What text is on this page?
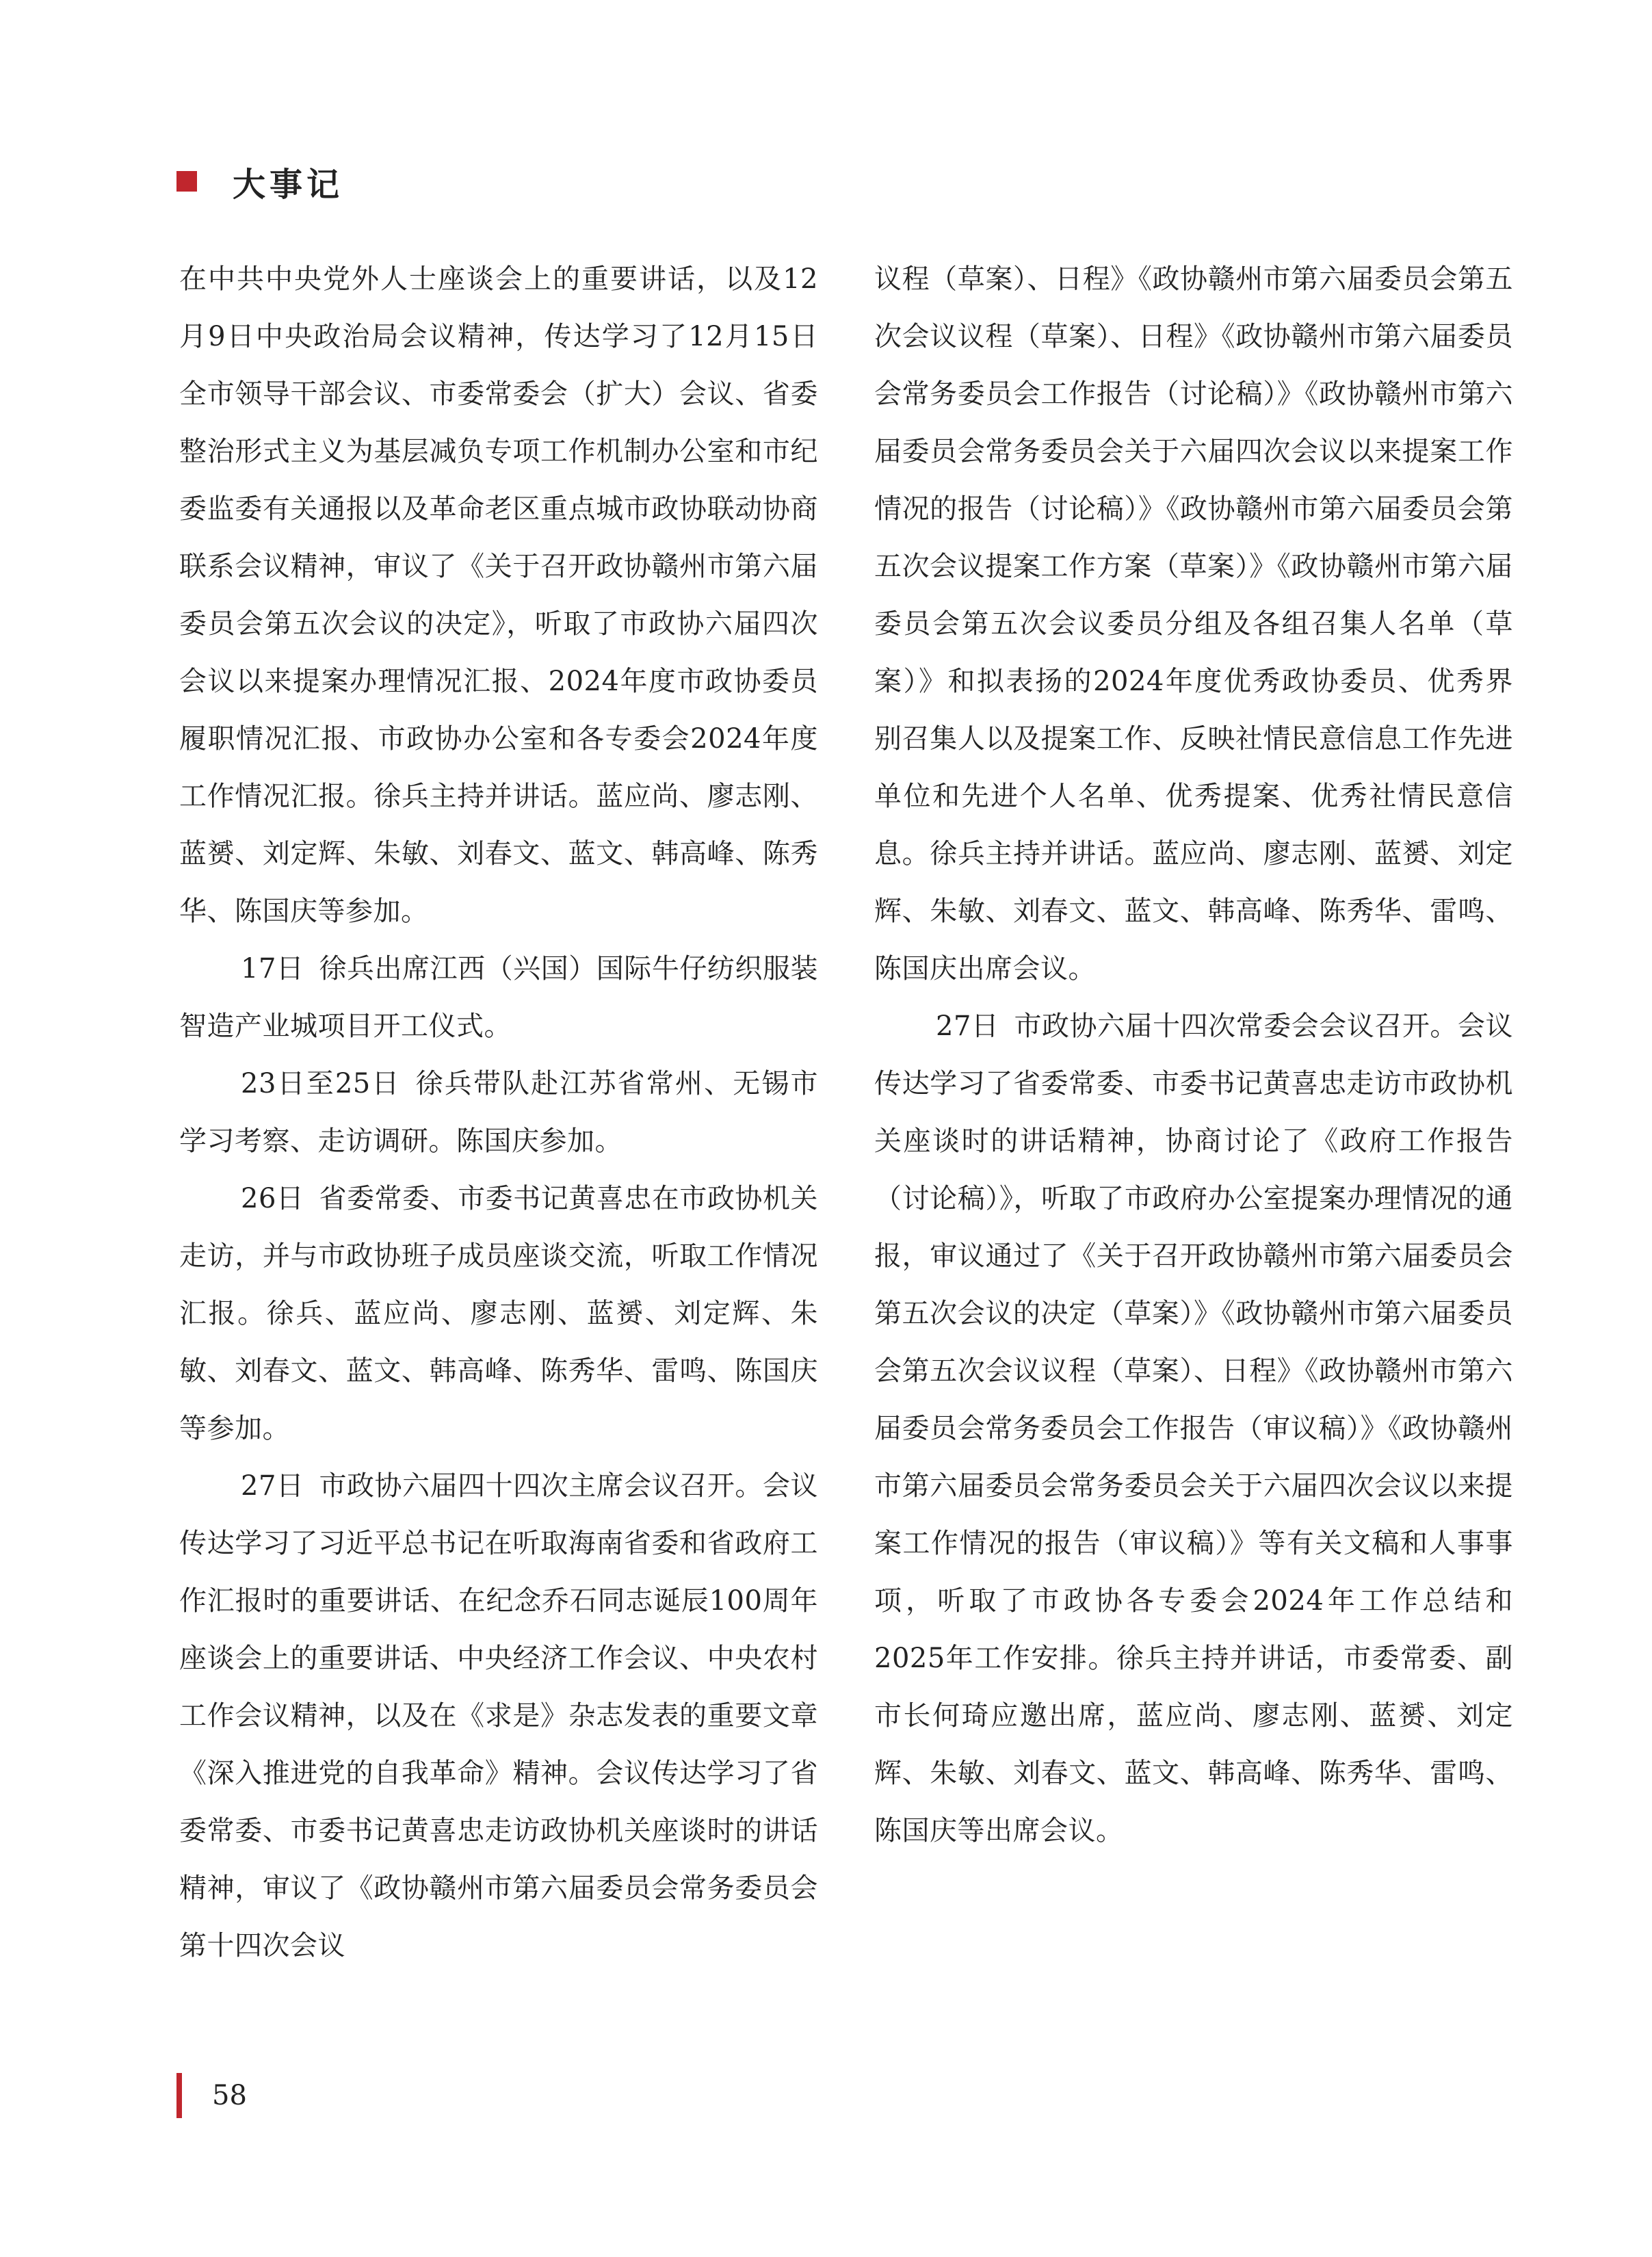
大事记

在中共中央党外人士座谈会上的重要讲话，以及12月9日中央政治局会议精神，传达学习了12月15日全市领导干部会议、市委常委会（扩大）会议、省委整治形式主义为基层减负专项工作机制办公室和市纪委监委有关通报以及革命老区重点城市政协联动协商联系会议精神，审议了《关于召开政协赣州市第六届委员会第五次会议的决定》，听取了市政协六届四次会议以来提案办理情况汇报、2024年度市政协委员履职情况汇报、市政协办公室和各专委会2024年度工作情况汇报。徐兵主持并讲话。蓝应尚、廖志刚、蓝赟、刘定辉、朱敏、刘春文、蓝文、韩高峰、陈秀华、陈国庆等参加。

17日 徐兵出席江西（兴国）国际牛仔纺织服装智造产业城项目开工仪式。

23日至25日 徐兵带队赴江苏省常州、无锡市学习考察、走访调研。陈国庆参加。

26日 省委常委、市委书记黄喜忠在市政协机关走访，并与市政协班子成员座谈交流，听取工作情况汇报。徐兵、蓝应尚、廖志刚、蓝赟、刘定辉、朱敏、刘春文、蓝文、韩高峰、陈秀华、雷鸣、陈国庆等参加。

27日 市政协六届四十四次主席会议召开。会议传达学习了习近平总书记在听取海南省委和省政府工作汇报时的重要讲话、在纪念乔石同志诞辰100周年座谈会上的重要讲话、中央经济工作会议、中央农村工作会议精神，以及在《求是》杂志发表的重要文章《深入推进党的自我革命》精神。会议传达学习了省委常委、市委书记黄喜忠走访政协机关座谈时的讲话精神，审议了《政协赣州市第六届委员会常务委员会第十四次会议

议程（草案）、日程》《政协赣州市第六届委员会第五次会议议程（草案）、日程》《政协赣州市第六届委员会常务委员会工作报告（讨论稿）》《政协赣州市第六届委员会常务委员会关于六届四次会议以来提案工作情况的报告（讨论稿）》《政协赣州市第六届委员会第五次会议提案工作方案（草案）》《政协赣州市第六届委员会第五次会议委员分组及各组召集人名单（草案）》和拟表扬的2024年度优秀政协委员、优秀界别召集人以及提案工作、反映社情民意信息工作先进单位和先进个人名单、优秀提案、优秀社情民意信息。徐兵主持并讲话。蓝应尚、廖志刚、蓝赟、刘定辉、朱敏、刘春文、蓝文、韩高峰、陈秀华、雷鸣、陈国庆出席会议。

27日 市政协六届十四次常委会会议召开。会议传达学习了省委常委、市委书记黄喜忠走访市政协机关座谈时的讲话精神，协商讨论了《政府工作报告（讨论稿）》，听取了市政府办公室提案办理情况的通报，审议通过了《关于召开政协赣州市第六届委员会第五次会议的决定（草案）》《政协赣州市第六届委员会第五次会议议程（草案）、日程》《政协赣州市第六届委员会常务委员会工作报告（审议稿）》《政协赣州市第六届委员会常务委员会关于六届四次会议以来提案工作情况的报告（审议稿）》等有关文稿和人事事项，听取了市政协各专委会2024年工作总结和2025年工作安排。徐兵主持并讲话，市委常委、副市长何琦应邀出席，蓝应尚、廖志刚、蓝赟、刘定辉、朱敏、刘春文、蓝文、韩高峰、陈秀华、雷鸣、陈国庆等出席会议。

58
